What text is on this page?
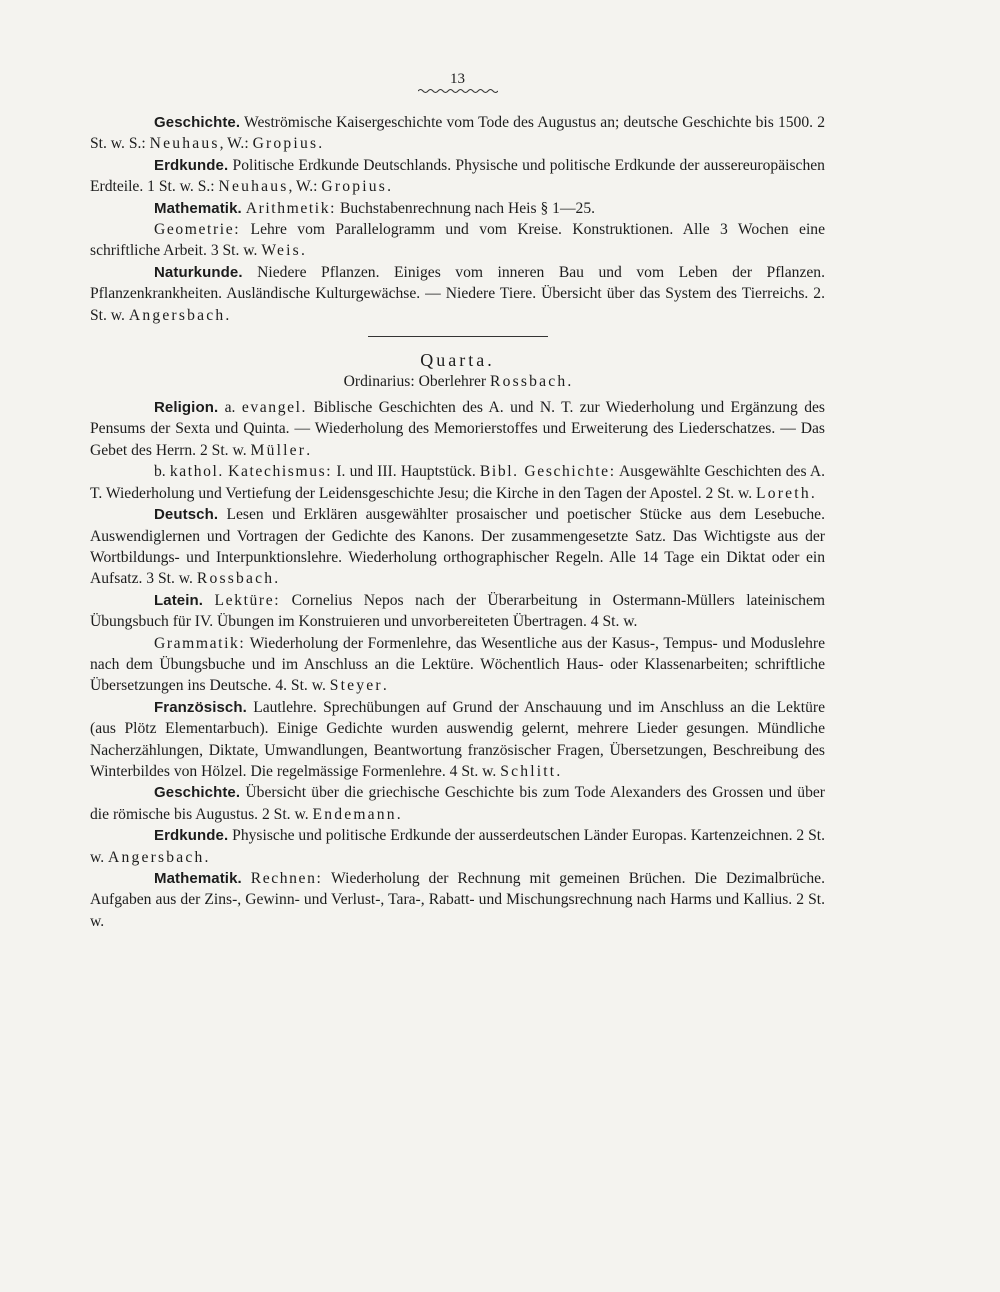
13

Geschichte. Weströmische Kaisergeschichte vom Tode des Augustus an; deutsche Geschichte bis 1500. 2 St. w. S.: Neuhaus, W.: Gropius.

Erdkunde. Politische Erdkunde Deutschlands. Physische und politische Erdkunde der aussereuropäischen Erdteile. 1 St. w. S.: Neuhaus, W.: Gropius.

Mathematik. Arithmetik: Buchstabenrechnung nach Heis § 1—25.

Geometrie: Lehre vom Parallelogramm und vom Kreise. Konstruktionen. Alle 3 Wochen eine schriftliche Arbeit. 3 St. w. Weis.

Naturkunde. Niedere Pflanzen. Einiges vom inneren Bau und vom Leben der Pflanzen. Pflanzenkrankheiten. Ausländische Kulturgewächse. — Niedere Tiere. Übersicht über das System des Tierreichs. 2. St. w. Angersbach.

Quarta.
Ordinarius: Oberlehrer Rossbach.

Religion. a. evangel. Biblische Geschichten des A. und N. T. zur Wiederholung und Ergänzung des Pensums der Sexta und Quinta. — Wiederholung des Memorierstoffes und Erweiterung des Liederschatzes. — Das Gebet des Herrn. 2 St. w. Müller.

b. kathol. Katechismus: I. und III. Hauptstück. Bibl. Geschichte: Ausgewählte Geschichten des A. T. Wiederholung und Vertiefung der Leidensgeschichte Jesu; die Kirche in den Tagen der Apostel. 2 St. w. Loreth.

Deutsch. Lesen und Erklären ausgewählter prosaischer und poetischer Stücke aus dem Lesebuche. Auswendiglernen und Vortragen der Gedichte des Kanons. Der zusammengesetzte Satz. Das Wichtigste aus der Wortbildungs- und Interpunktionslehre. Wiederholung orthographischer Regeln. Alle 14 Tage ein Diktat oder ein Aufsatz. 3 St. w. Rossbach.

Latein. Lektüre: Cornelius Nepos nach der Überarbeitung in Ostermann-Müllers lateinischem Übungsbuch für IV. Übungen im Konstruieren und unvorbereiteten Übertragen. 4 St. w.

Grammatik: Wiederholung der Formenlehre, das Wesentliche aus der Kasus-, Tempus- und Moduslehre nach dem Übungsbuche und im Anschluss an die Lektüre. Wöchentlich Haus- oder Klassenarbeiten; schriftliche Übersetzungen ins Deutsche. 4. St. w. Steyer.

Französisch. Lautlehre. Sprechübungen auf Grund der Anschauung und im Anschluss an die Lektüre (aus Plötz Elementarbuch). Einige Gedichte wurden auswendig gelernt, mehrere Lieder gesungen. Mündliche Nacherzählungen, Diktate, Umwandlungen, Beantwortung französischer Fragen, Übersetzungen, Beschreibung des Winterbildes von Hölzel. Die regelmässige Formenlehre. 4 St. w. Schlitt.

Geschichte. Übersicht über die griechische Geschichte bis zum Tode Alexanders des Grossen und über die römische bis Augustus. 2 St. w. Endemann.

Erdkunde. Physische und politische Erdkunde der ausserdeutschen Länder Europas. Kartenzeichnen. 2 St. w. Angersbach.

Mathematik. Rechnen: Wiederholung der Rechnung mit gemeinen Brüchen. Die Dezimalbrüche. Aufgaben aus der Zins-, Gewinn- und Verlust-, Tara-, Rabatt- und Mischungsrechnung nach Harms und Kallius. 2 St. w.
